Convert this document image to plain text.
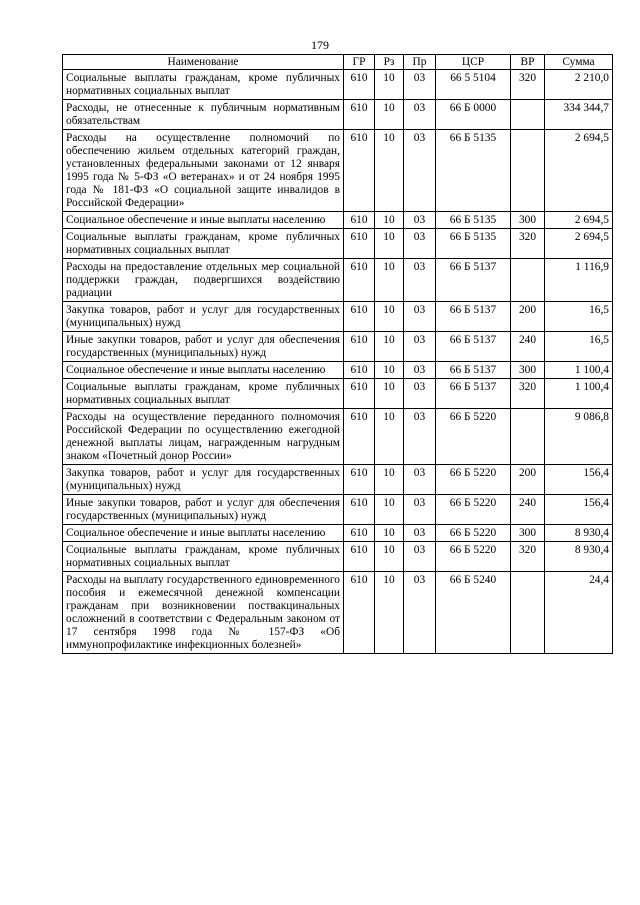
179
Наименование	ГР	Рз	Пр	ЦСР	ВР	Сумма
Социальные выплаты гражданам, кроме публичных нормативных социальных выплат	610	10	03	66 5 5104	320	2 210,0
Расходы, не отнесенные к публичным нормативным обязательствам	610	10	03	66 Б 0000		334 344,7
Расходы на осуществление полномочий по обеспечению жильем отдельных категорий граждан, установленных федеральными законами от 12 января 1995 года № 5-ФЗ «О ветеранах» и от 24 ноября 1995 года № 181-ФЗ «О социальной защите инвалидов в Российской Федерации»	610	10	03	66 Б 5135		2 694,5
Социальное обеспечение и иные выплаты населению	610	10	03	66 Б 5135	300	2 694,5
Социальные выплаты гражданам, кроме публичных нормативных социальных выплат	610	10	03	66 Б 5135	320	2 694,5
Расходы на предоставление отдельных мер социальной поддержки граждан, подвергшихся воздействию радиации	610	10	03	66 Б 5137		1 116,9
Закупка товаров, работ и услуг для государственных (муниципальных) нужд	610	10	03	66 Б 5137	200	16,5
Иные закупки товаров, работ и услуг для обеспечения государственных (муниципальных) нужд	610	10	03	66 Б 5137	240	16,5
Социальное обеспечение и иные выплаты населению	610	10	03	66 Б 5137	300	1 100,4
Социальные выплаты гражданам, кроме публичных нормативных социальных выплат	610	10	03	66 Б 5137	320	1 100,4
Расходы на осуществление переданного полномочия Российской Федерации по осуществлению ежегодной денежной выплаты лицам, награжденным нагрудным знаком «Почетный донор России»	610	10	03	66 Б 5220		9 086,8
Закупка товаров, работ и услуг для государственных (муниципальных) нужд	610	10	03	66 Б 5220	200	156,4
Иные закупки товаров, работ и услуг для обеспечения государственных (муниципальных) нужд	610	10	03	66 Б 5220	240	156,4
Социальное обеспечение и иные выплаты населению	610	10	03	66 Б 5220	300	8 930,4
Социальные выплаты гражданам, кроме публичных нормативных социальных выплат	610	10	03	66 Б 5220	320	8 930,4
Расходы на выплату государственного единовременного пособия и ежемесячной денежной компенсации гражданам при возникновении поствакцинальных осложнений в соответствии с Федеральным законом от 17 сентября 1998 года № 157-ФЗ «Об иммунопрофилактике инфекционных болезней»	610	10	03	66 Б 5240		24,4
